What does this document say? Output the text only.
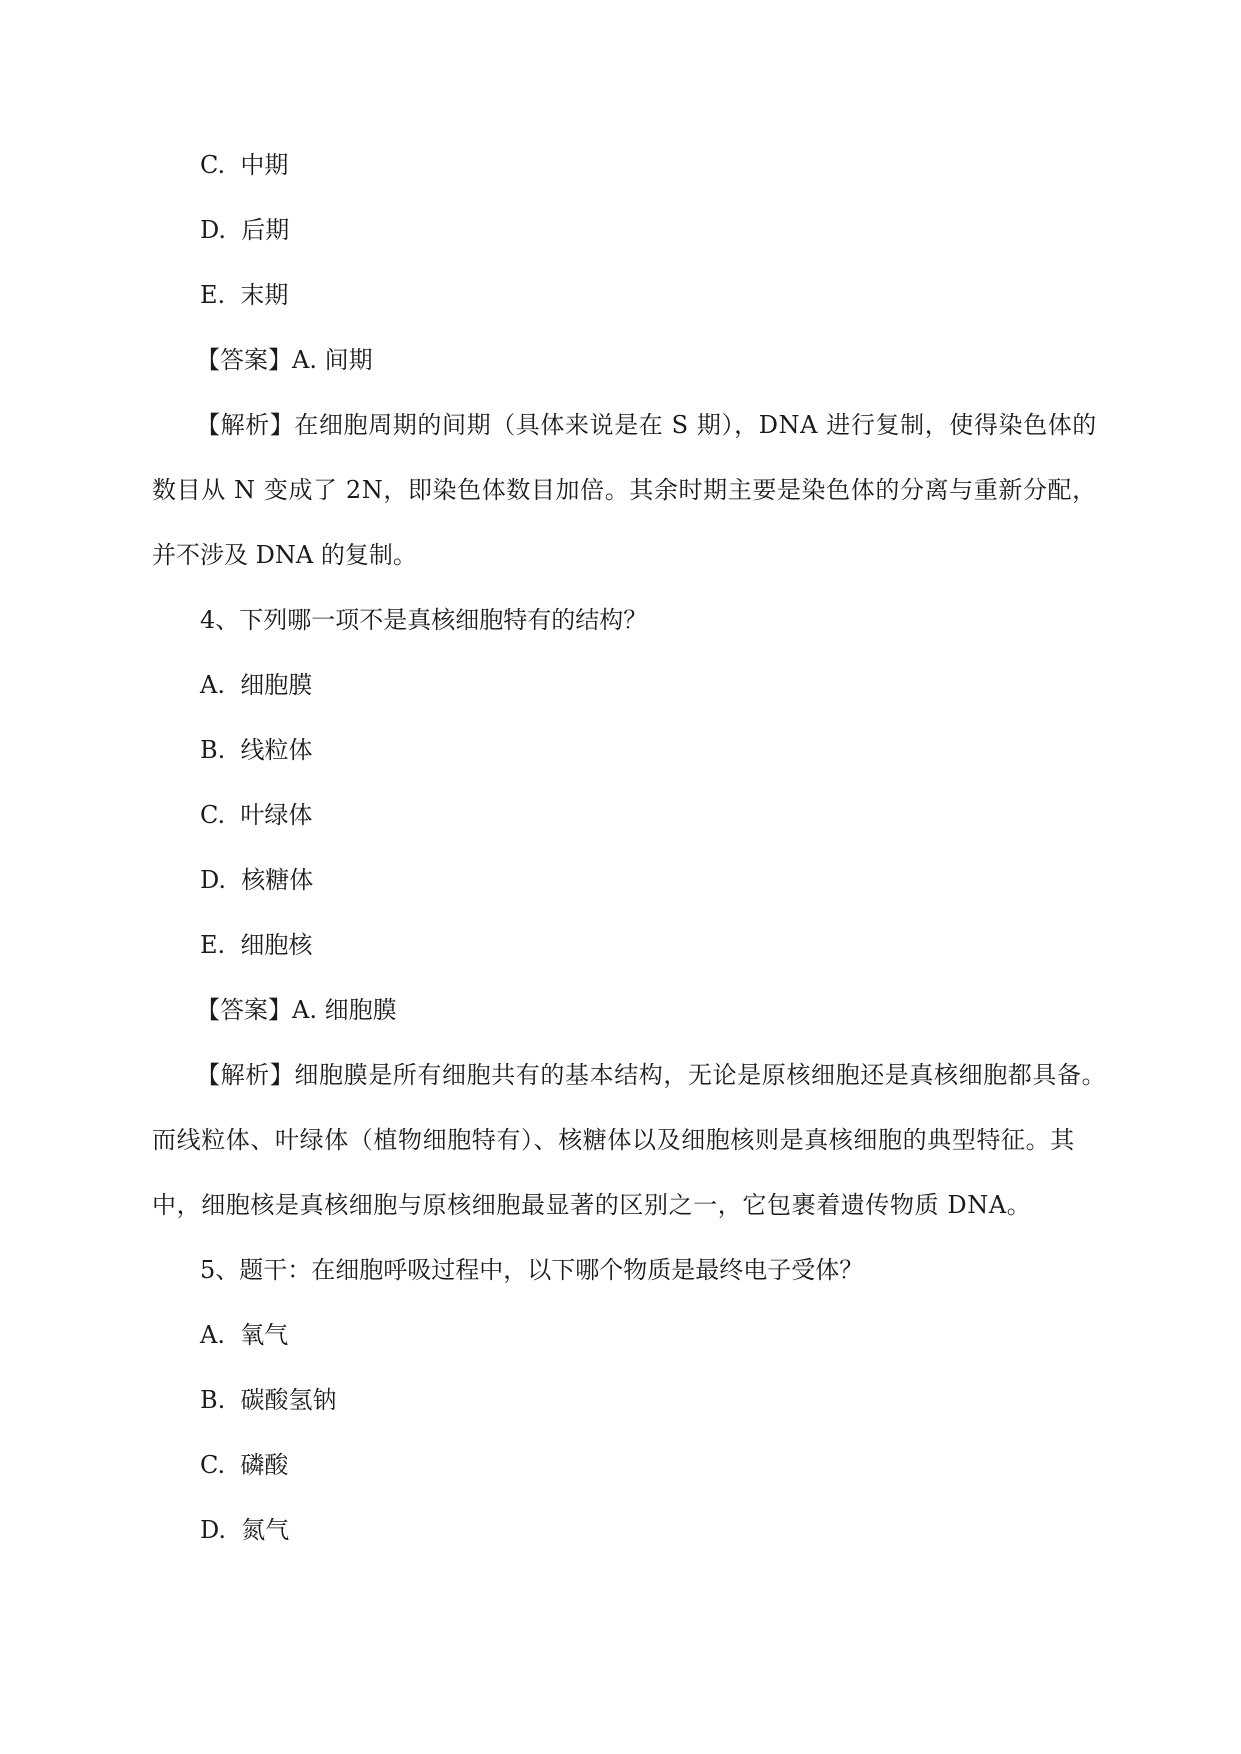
C. 中期

D. 后期

E. 末期

【答案】A. 间期

【解析】在细胞周期的间期（具体来说是在 S 期），DNA 进行复制，使得染色体的

数目从 N 变成了 2N，即染色体数目加倍。其余时期主要是染色体的分离与重新分配，

并不涉及 DNA 的复制。

4、下列哪一项不是真核细胞特有的结构？

A. 细胞膜

B. 线粒体

C. 叶绿体

D. 核糖体

E. 细胞核

【答案】A. 细胞膜

【解析】细胞膜是所有细胞共有的基本结构，无论是原核细胞还是真核细胞都具备。

而线粒体、叶绿体（植物细胞特有）、核糖体以及细胞核则是真核细胞的典型特征。其

中，细胞核是真核细胞与原核细胞最显著的区别之一，它包裹着遗传物质 DNA。

5、题干：在细胞呼吸过程中，以下哪个物质是最终电子受体？

A. 氧气

B. 碳酸氢钠

C. 磷酸

D. 氮气
